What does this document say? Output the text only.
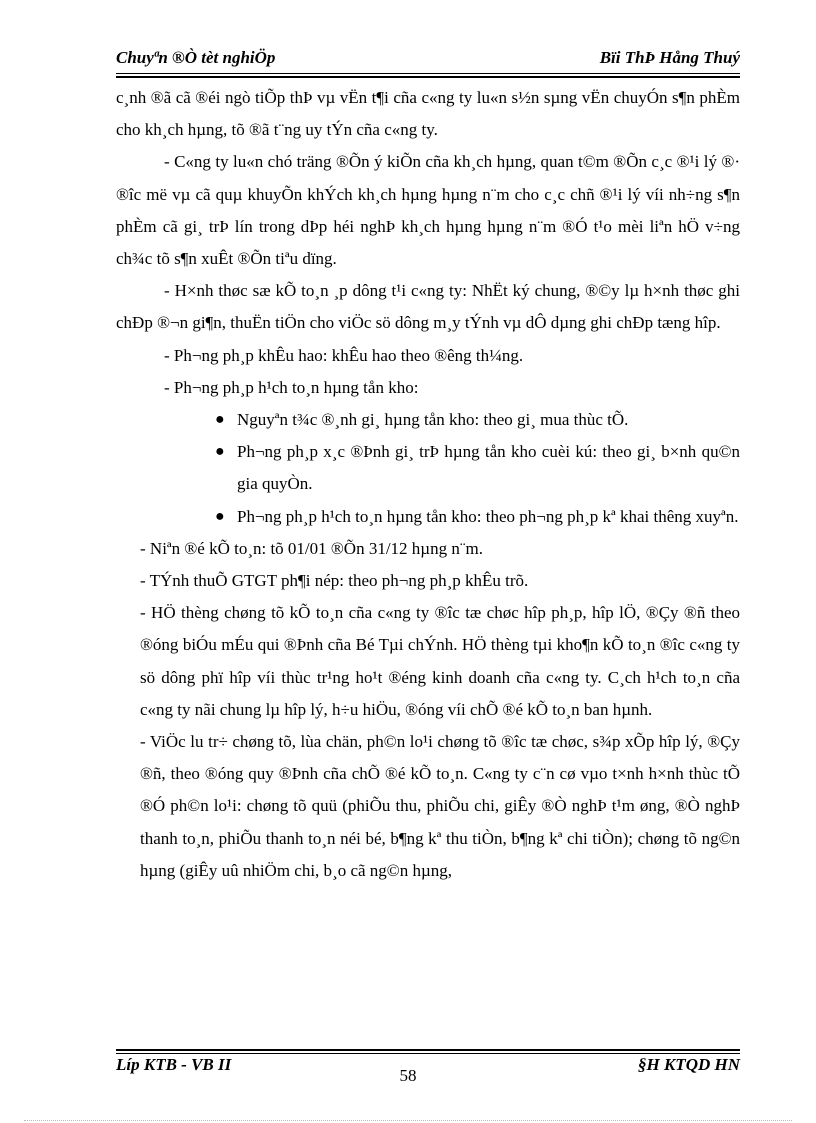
Chuyªn ®Ò tèt nghiÖp	Bïi ThÞ Hång Thuý

c¸nh ®ã cã ®éi ngò tiÕp thÞ vµ vËn t¶i cña c«ng ty lu«n s½n sµng vËn chuyÓn s¶n phÈm cho kh¸ch hµng, tõ ®ã t¨ng uy tÝn cña c«ng ty.

- C«ng ty lu«n chó träng ®Õn ý kiÕn cña kh¸ch hµng, quan t©m ®Õn c¸c ®¹i lý ®· ®îc më vµ cã quµ khuyÕn khÝch kh¸ch hµng hµng n¨m cho c¸c chñ ®¹i lý víi nh÷ng s¶n phÈm cã gi¸ trÞ lín trong dÞp héi nghÞ kh¸ch hµng hµng n¨m ®Ó t¹o mèi liªn hÖ v÷ng ch¾c tõ s¶n xuÊt ®Õn tiªu dïng.

- H×nh thøc sæ kÕ to¸n ¸p dông t¹i c«ng ty: NhËt ký chung, ®©y lµ h×nh thøc ghi chÐp ®¬n gi¶n, thuËn tiÖn cho viÖc sö dông m¸y tÝnh vµ dÔ dµng ghi chÐp tæng hîp.

- Ph¬ng ph¸p khÊu hao: khÊu hao theo ®êng th¼ng.

- Ph¬ng ph¸p h¹ch to¸n hµng tån kho:

● Nguyªn t¾c ®¸nh gi¸ hµng tån kho: theo gi¸ mua thùc tÕ.
● Ph¬ng ph¸p x¸c ®Þnh gi¸ trÞ hµng tån kho cuèi kú: theo gi¸ b×nh qu©n gia quyÒn.
● Ph¬ng ph¸p h¹ch to¸n hµng tån kho: theo ph¬ng ph¸p kª khai thêng xuyªn.

- Niªn ®é kÕ to¸n: tõ 01/01 ®Õn 31/12 hµng n¨m.

- TÝnh thuÕ GTGT ph¶i nép: theo ph¬ng ph¸p khÊu trõ.

- HÖ thèng chøng tõ kÕ to¸n cña c«ng ty ®îc tæ chøc hîp ph¸p, hîp lÖ, ®Çy ®ñ theo ®óng biÓu mÉu qui ®Þnh cña Bé Tµi chÝnh. HÖ thèng tµi kho¶n kÕ to¸n ®îc c«ng ty sö dông phï hîp víi thùc tr¹ng ho¹t ®éng kinh doanh cña c«ng ty. C¸ch h¹ch to¸n cña c«ng ty nãi chung lµ hîp lý, h÷u hiÖu, ®óng víi chÕ ®é kÕ to¸n ban hµnh.

- ViÖc lu tr÷ chøng tõ, lùa chän, ph©n lo¹i chøng tõ ®îc tæ chøc, s¾p xÕp hîp lý, ®Çy ®ñ, theo ®óng quy ®Þnh cña chÕ ®é kÕ to¸n. C«ng ty c¨n cø vµo t×nh h×nh thùc tÕ ®Ó ph©n lo¹i: chøng tõ quü (phiÕu thu, phiÕu chi, giÊy ®Ò nghÞ t¹m øng, ®Ò nghÞ thanh to¸n, phiÕu thanh to¸n néi bé, b¶ng kª thu tiÒn, b¶ng kª chi tiÒn); chøng tõ ng©n hµng (giÊy uû nhiÖm chi, b¸o cã ng©n hµng,

Líp KTB - VB II
58
§H KTQD HN
